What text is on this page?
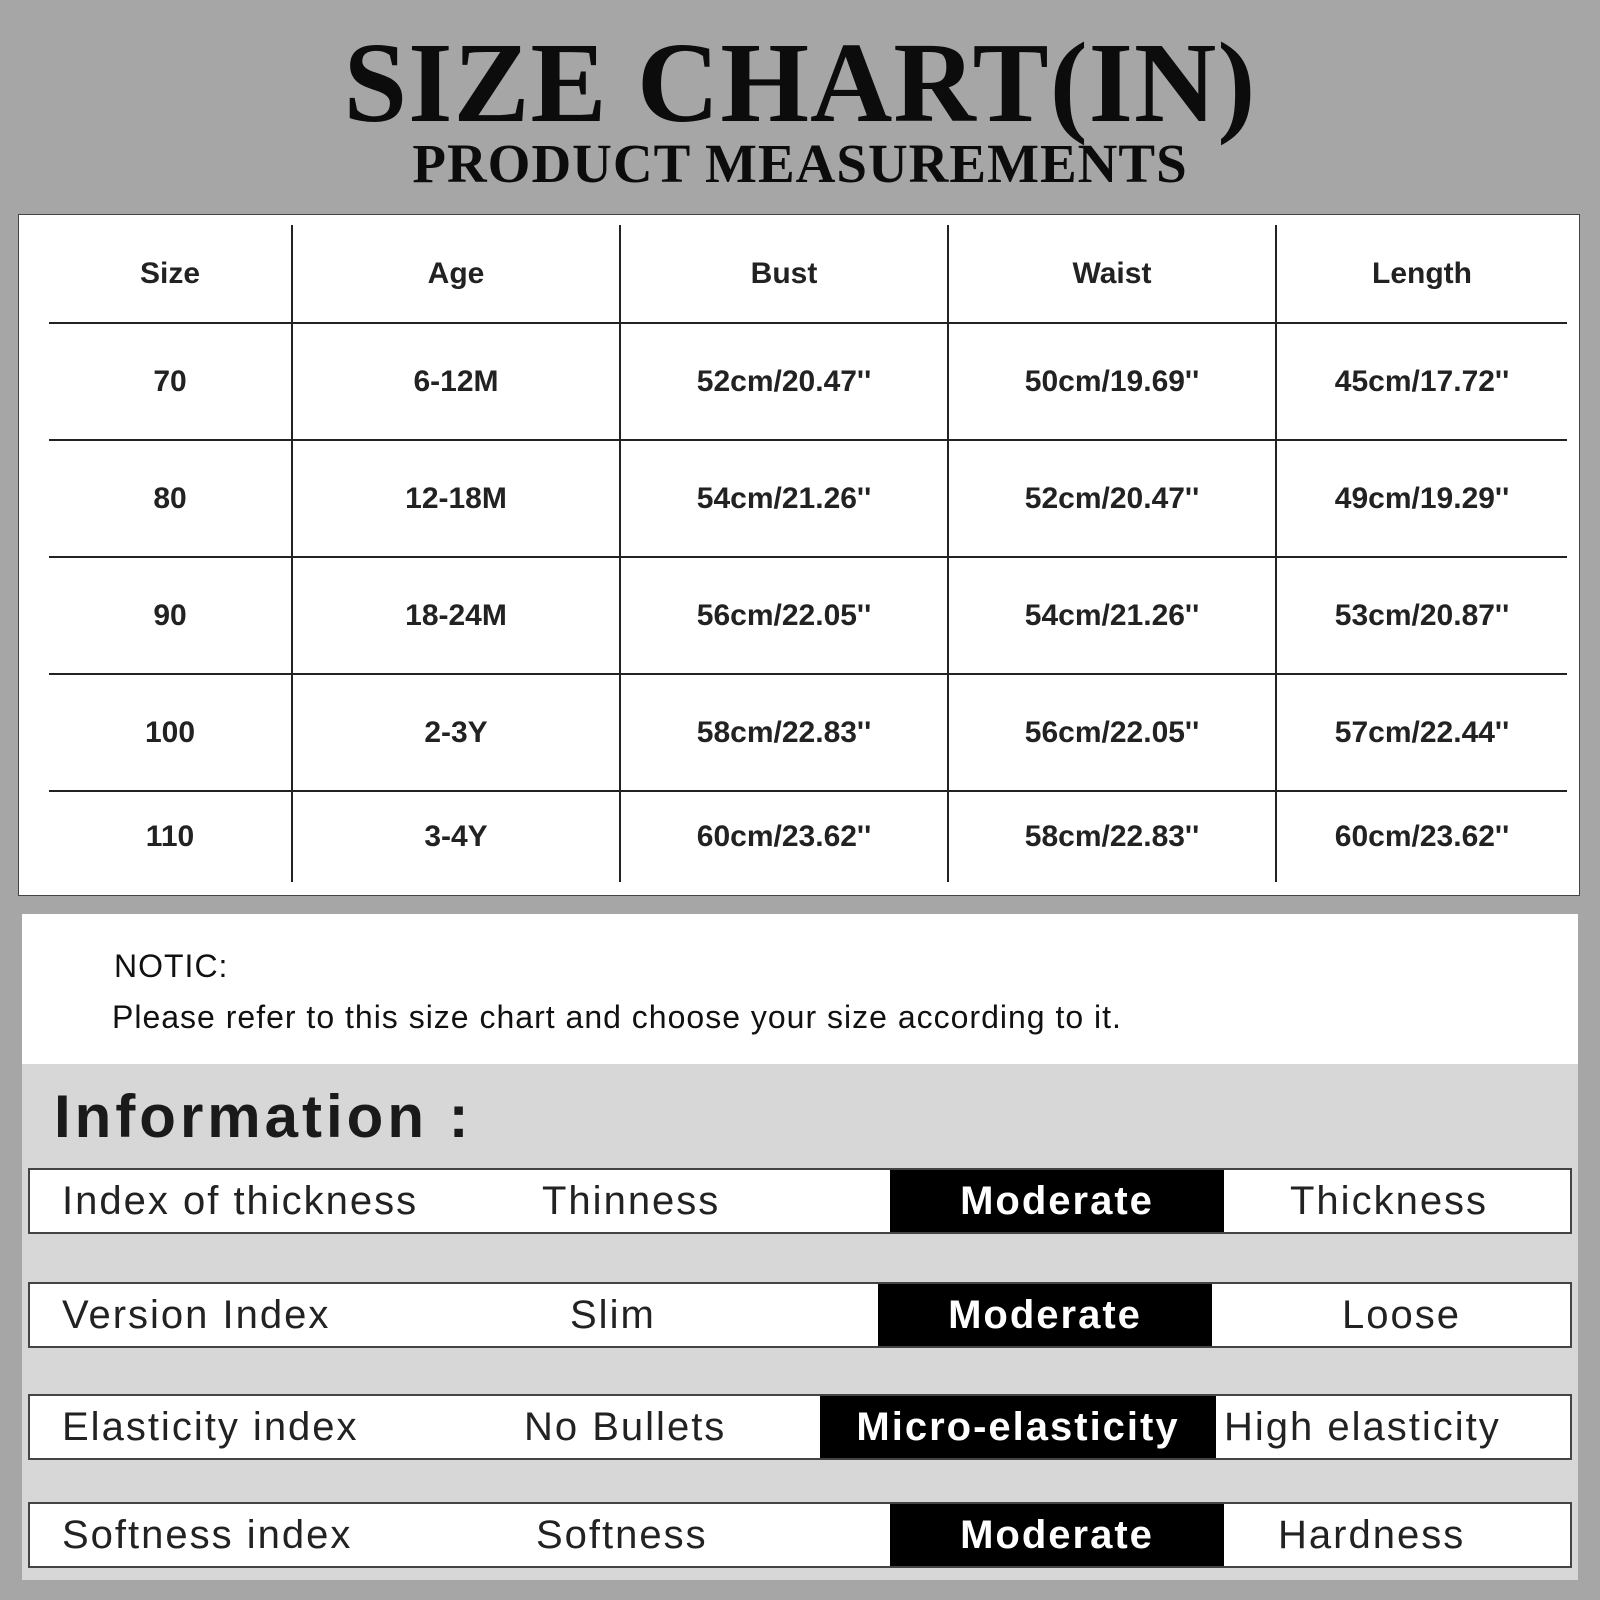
SIZE CHART(IN)
PRODUCT MEASUREMENTS
Size	Age	Bust	Waist	Length
70	6-12M	52cm/20.47''	50cm/19.69''	45cm/17.72''
80	12-18M	54cm/21.26''	52cm/20.47''	49cm/19.29''
90	18-24M	56cm/22.05''	54cm/21.26''	53cm/20.87''
100	2-3Y	58cm/22.83''	56cm/22.05''	57cm/22.44''
110	3-4Y	60cm/23.62''	58cm/22.83''	60cm/23.62''
NOTIC:
Please refer to this size chart and choose your size according to it.
Information :
Index of thickness	Thinness	Moderate	Thickness
Version Index	Slim	Moderate	Loose
Elasticity index	No Bullets	Micro-elasticity	High elasticity
Softness index	Softness	Moderate	Hardness
